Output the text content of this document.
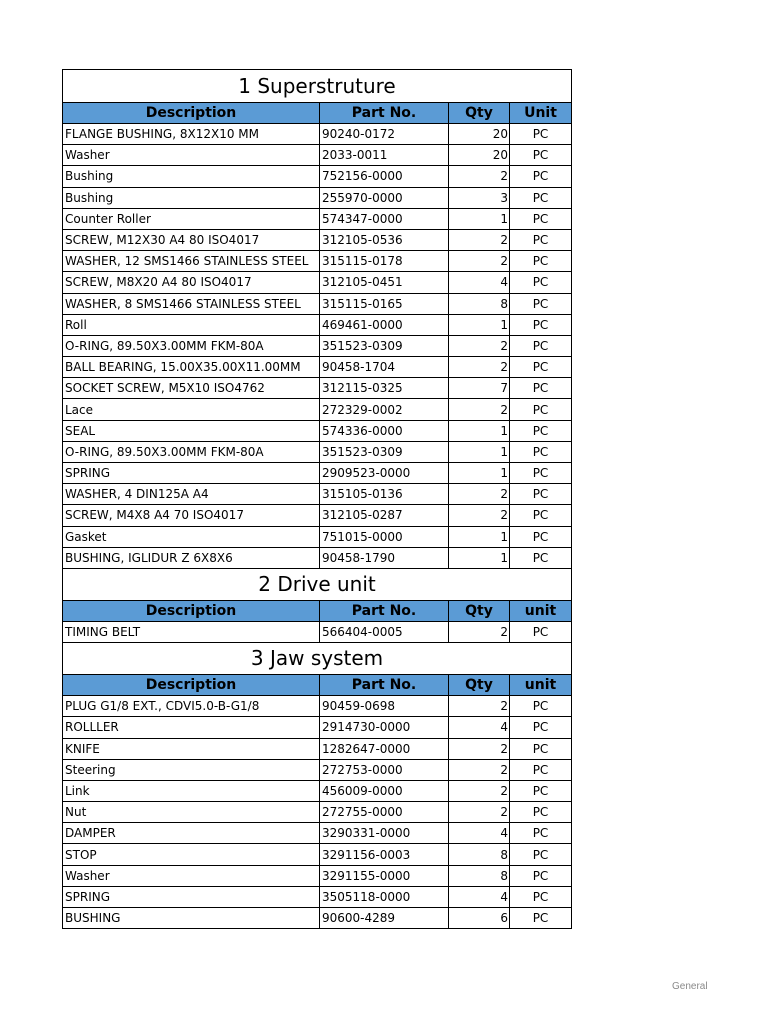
1 Superstruture			
Description	Part No.	Qty	Unit
FLANGE BUSHING, 8X12X10 MM	90240-0172	20	PC
Washer	2033-0011	20	PC
Bushing	752156-0000	2	PC
Bushing	255970-0000	3	PC
Counter Roller	574347-0000	1	PC
SCREW, M12X30 A4 80 ISO4017	312105-0536	2	PC
WASHER, 12 SMS1466 STAINLESS STEEL	315115-0178	2	PC
SCREW, M8X20 A4 80 ISO4017	312105-0451	4	PC
WASHER, 8 SMS1466 STAINLESS STEEL	315115-0165	8	PC
Roll	469461-0000	1	PC
O-RING, 89.50X3.00MM FKM-80A	351523-0309	2	PC
BALL BEARING, 15.00X35.00X11.00MM	90458-1704	2	PC
SOCKET SCREW, M5X10 ISO4762	312115-0325	7	PC
Lace	272329-0002	2	PC
SEAL	574336-0000	1	PC
O-RING, 89.50X3.00MM FKM-80A	351523-0309	1	PC
SPRING	2909523-0000	1	PC
WASHER, 4 DIN125A A4	315105-0136	2	PC
SCREW, M4X8 A4 70 ISO4017	312105-0287	2	PC
Gasket	751015-0000	1	PC
BUSHING, IGLIDUR Z 6X8X6	90458-1790	1	PC
2 Drive unit			
Description	Part No.	Qty	unit
TIMING BELT	566404-0005	2	PC
3 Jaw system			
Description	Part No.	Qty	unit
PLUG G1/8 EXT., CDVI5.0-B-G1/8	90459-0698	2	PC
ROLLLER	2914730-0000	4	PC
KNIFE	1282647-0000	2	PC
Steering	272753-0000	2	PC
Link	456009-0000	2	PC
Nut	272755-0000	2	PC
DAMPER	3290331-0000	4	PC
STOP	3291156-0003	8	PC
Washer	3291155-0000	8	PC
SPRING	3505118-0000	4	PC
BUSHING	90600-4289	6	PC
General
